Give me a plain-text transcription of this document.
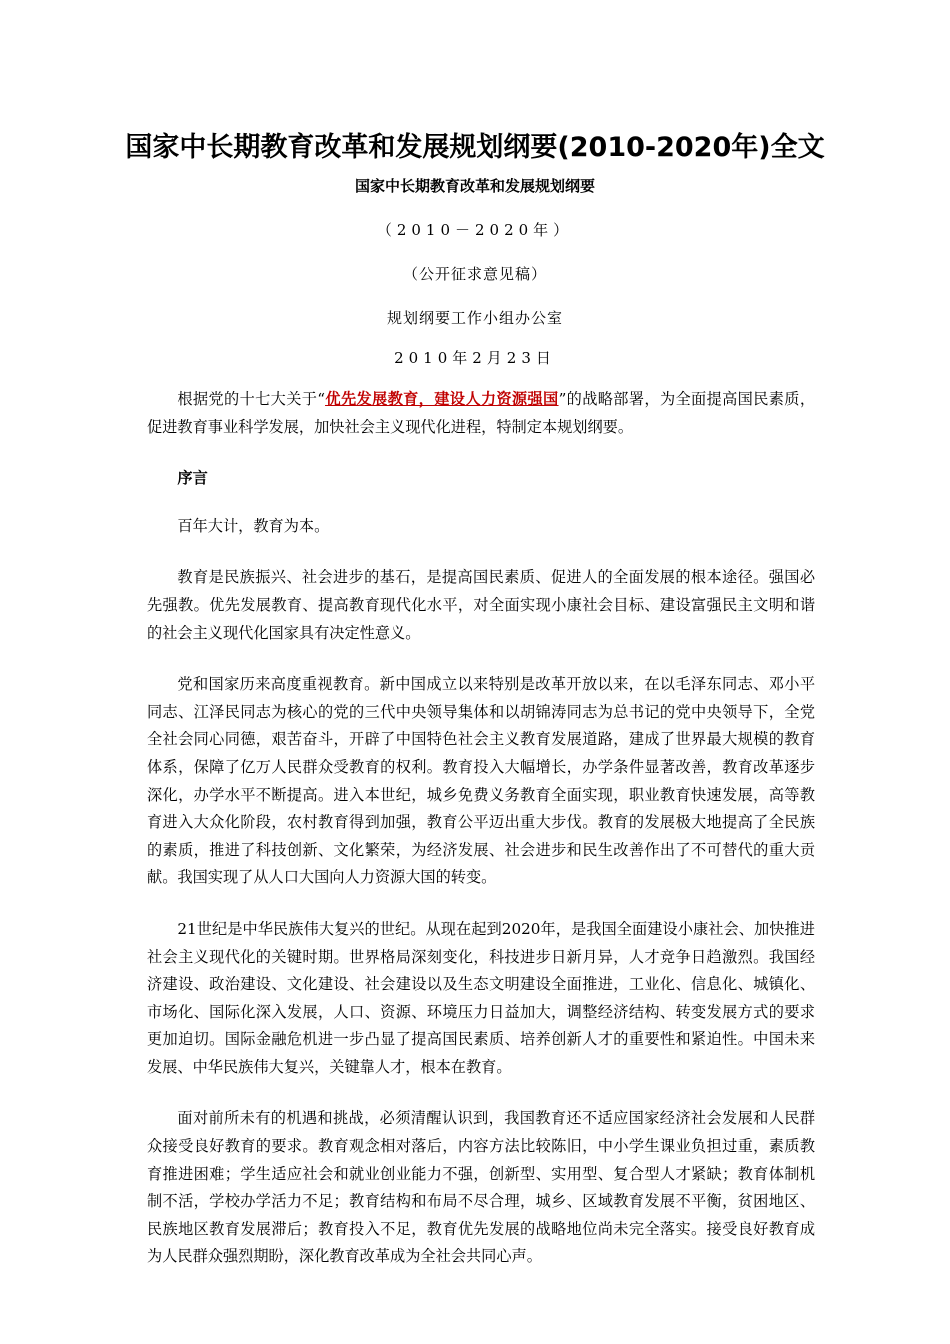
国家中长期教育改革和发展规划纲要(2010-2020年)全文
国家中长期教育改革和发展规划纲要
（2010－2020年）
（公开征求意见稿）
规划纲要工作小组办公室
2010年2月23日

根据党的十七大关于“优先发展教育，建设人力资源强国”的战略部署，为全面提高国民素质，促进教育事业科学发展，加快社会主义现代化进程，特制定本规划纲要。

序言

百年大计，教育为本。

教育是民族振兴、社会进步的基石，是提高国民素质、促进人的全面发展的根本途径。强国必先强教。优先发展教育、提高教育现代化水平，对全面实现小康社会目标、建设富强民主文明和谐的社会主义现代化国家具有决定性意义。

党和国家历来高度重视教育。新中国成立以来特别是改革开放以来，在以毛泽东同志、邓小平同志、江泽民同志为核心的党的三代中央领导集体和以胡锦涛同志为总书记的党中央领导下，全党全社会同心同德，艰苦奋斗，开辟了中国特色社会主义教育发展道路，建成了世界最大规模的教育体系，保障了亿万人民群众受教育的权利。教育投入大幅增长，办学条件显著改善，教育改革逐步深化，办学水平不断提高。进入本世纪，城乡免费义务教育全面实现，职业教育快速发展，高等教育进入大众化阶段，农村教育得到加强，教育公平迈出重大步伐。教育的发展极大地提高了全民族的素质，推进了科技创新、文化繁荣，为经济发展、社会进步和民生改善作出了不可替代的重大贡献。我国实现了从人口大国向人力资源大国的转变。

21世纪是中华民族伟大复兴的世纪。从现在起到2020年，是我国全面建设小康社会、加快推进社会主义现代化的关键时期。世界格局深刻变化，科技进步日新月异，人才竞争日趋激烈。我国经济建设、政治建设、文化建设、社会建设以及生态文明建设全面推进，工业化、信息化、城镇化、市场化、国际化深入发展，人口、资源、环境压力日益加大，调整经济结构、转变发展方式的要求更加迫切。国际金融危机进一步凸显了提高国民素质、培养创新人才的重要性和紧迫性。中国未来发展、中华民族伟大复兴，关键靠人才，根本在教育。

面对前所未有的机遇和挑战，必须清醒认识到，我国教育还不适应国家经济社会发展和人民群众接受良好教育的要求。教育观念相对落后，内容方法比较陈旧，中小学生课业负担过重，素质教育推进困难；学生适应社会和就业创业能力不强，创新型、实用型、复合型人才紧缺；教育体制机制不活，学校办学活力不足；教育结构和布局不尽合理，城乡、区域教育发展不平衡，贫困地区、民族地区教育发展滞后；教育投入不足，教育优先发展的战略地位尚未完全落实。接受良好教育成为人民群众强烈期盼，深化教育改革成为全社会共同心声。
